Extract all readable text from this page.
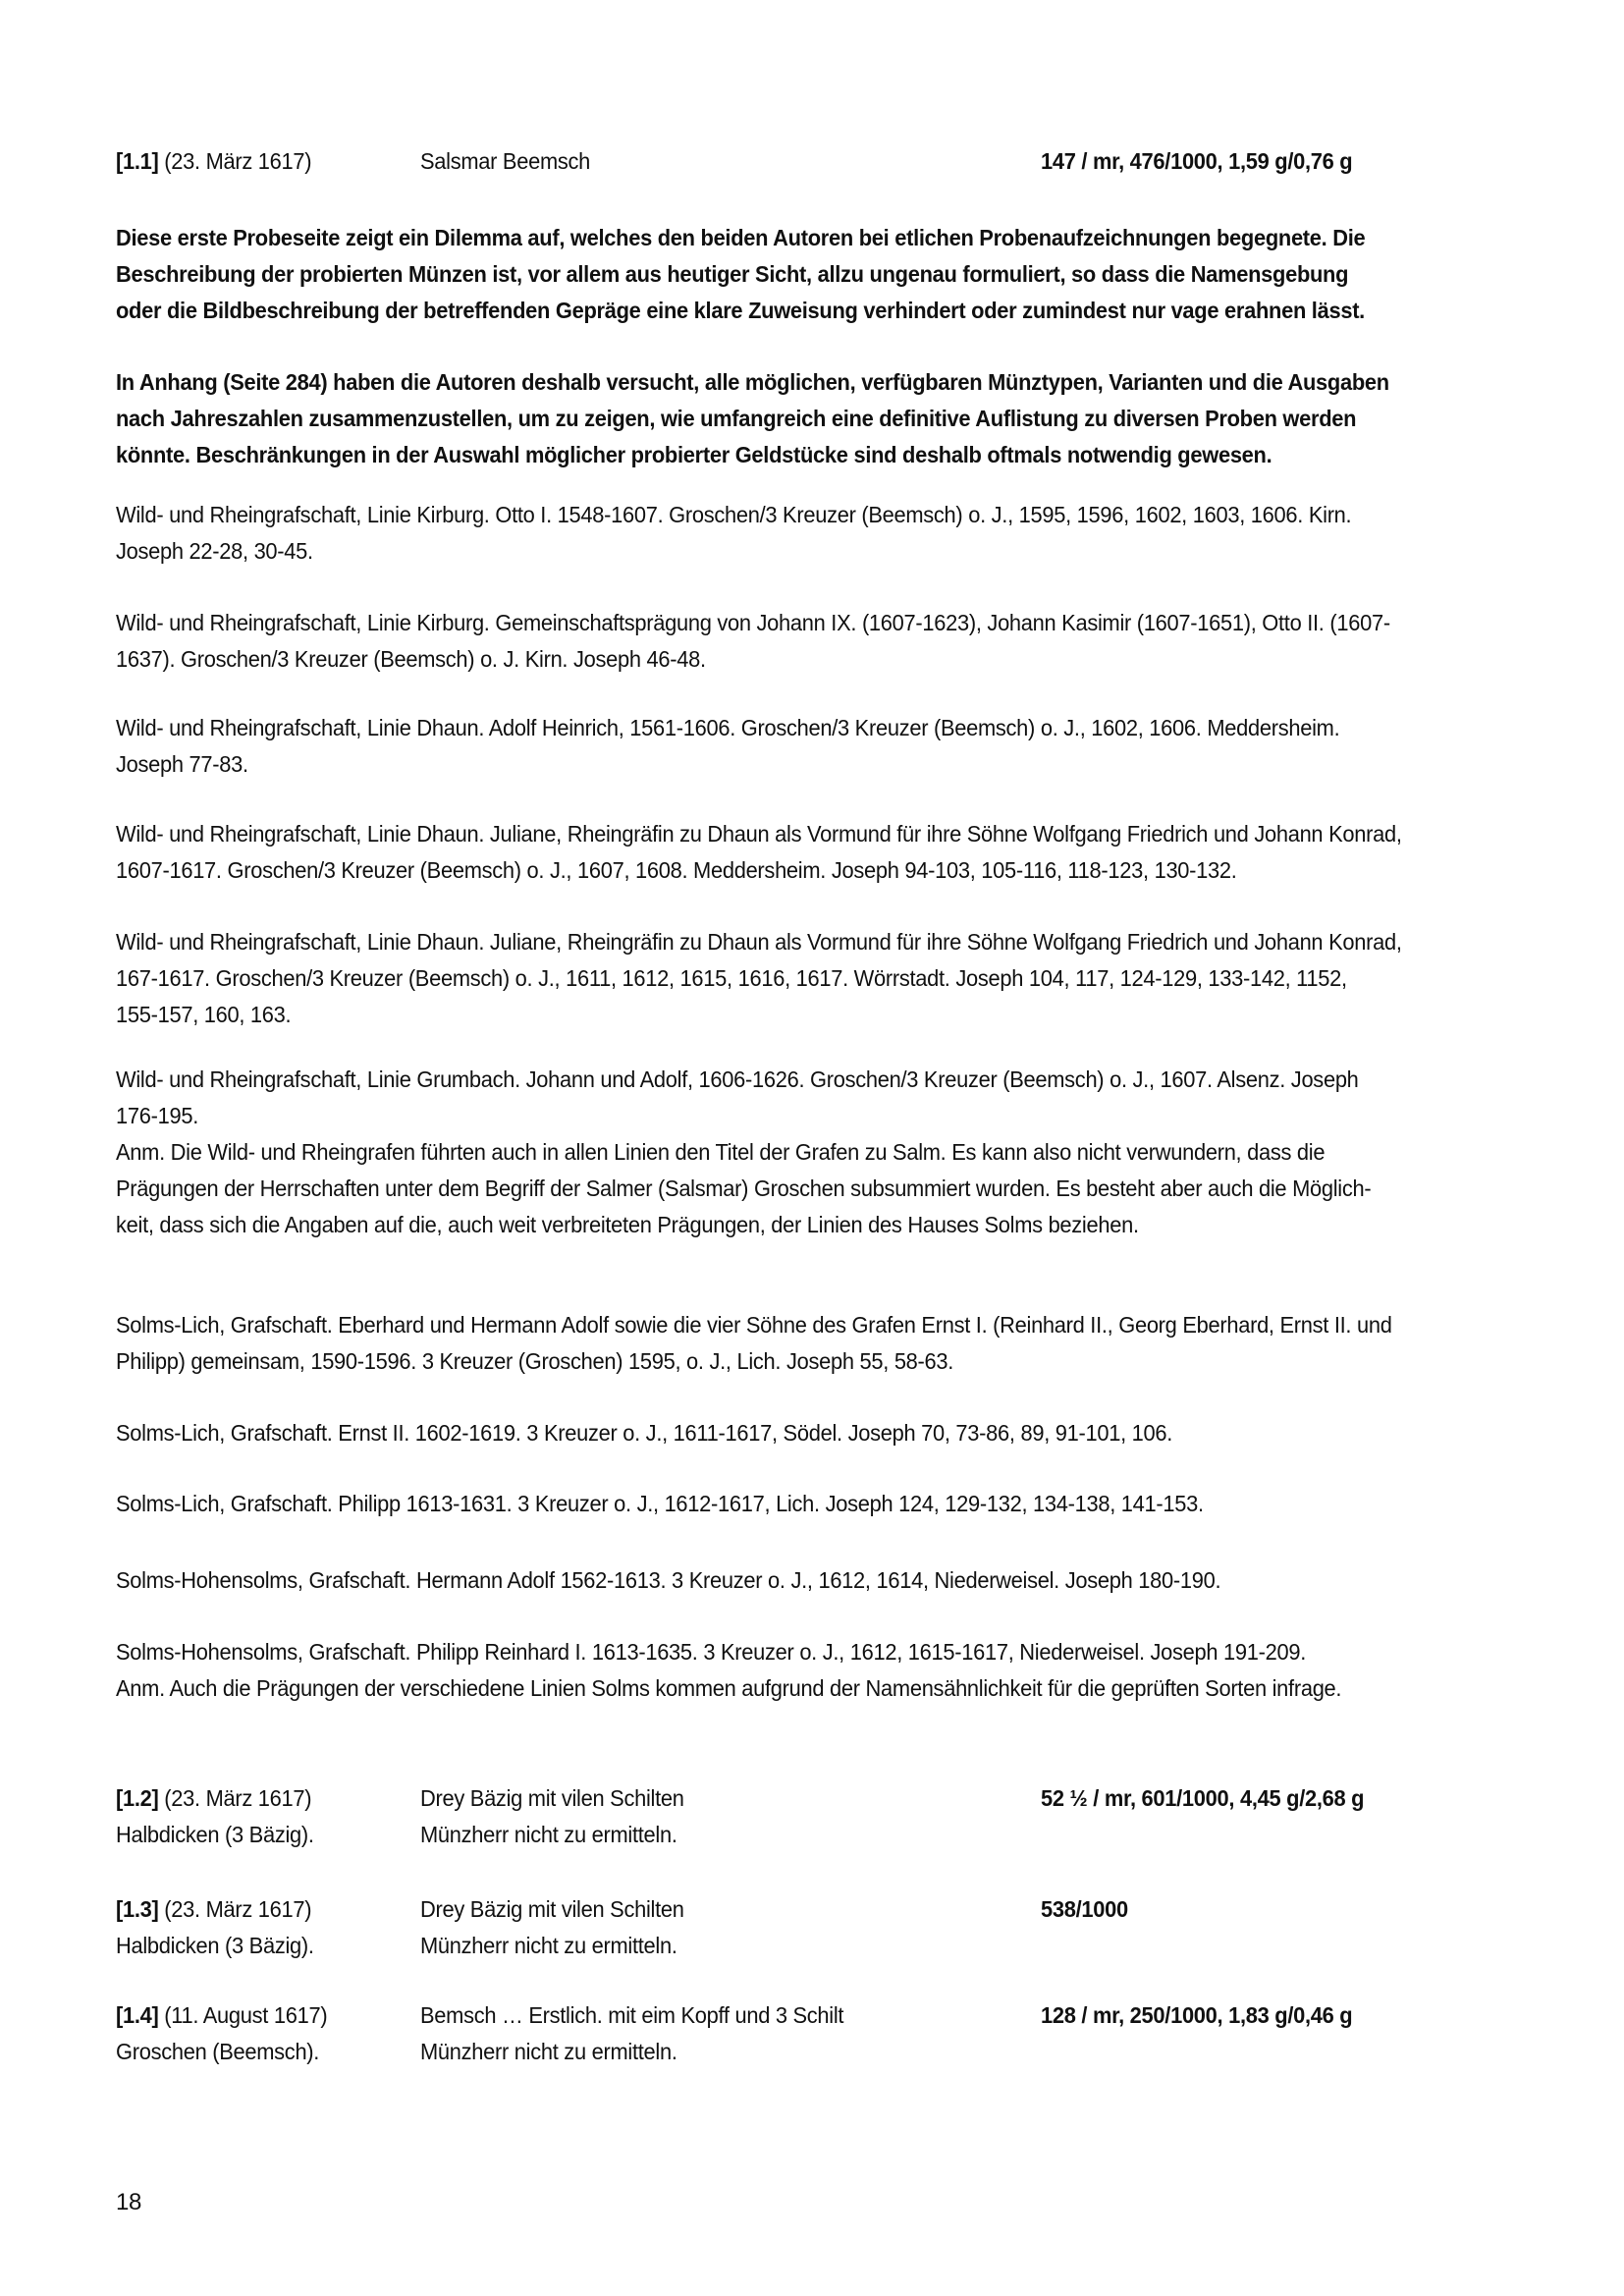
[1.1] (23. März 1617)	Salsmar Beemsch	147 / mr, 476/1000, 1,59 g/0,76 g
Diese erste Probeseite zeigt ein Dilemma auf, welches den beiden Autoren bei etlichen Probenaufzeichnungen begegnete. Die
Beschreibung der probierten Münzen ist, vor allem aus heutiger Sicht, allzu ungenau formuliert, so dass die Namensgebung
oder die Bildbeschreibung der betreffenden Gepräge eine klare Zuweisung verhindert oder zumindest nur vage erahnen lässt.
In Anhang (Seite 284) haben die Autoren deshalb versucht, alle möglichen, verfügbaren Münztypen, Varianten und die Ausgaben
nach Jahreszahlen zusammenzustellen, um zu zeigen, wie umfangreich eine definitive Auflistung zu diversen Proben werden
könnte. Beschränkungen in der Auswahl möglicher probierter Geldstücke sind deshalb oftmals notwendig gewesen.
Wild- und Rheingrafschaft, Linie Kirburg. Otto I. 1548-1607. Groschen/3 Kreuzer (Beemsch) o. J., 1595, 1596, 1602, 1603, 1606. Kirn.
Joseph 22-28, 30-45.
Wild- und Rheingrafschaft, Linie Kirburg. Gemeinschaftsprägung von Johann IX. (1607-1623), Johann Kasimir (1607-1651), Otto II. (1607-
1637). Groschen/3 Kreuzer (Beemsch) o. J. Kirn. Joseph 46-48.
Wild- und Rheingrafschaft, Linie Dhaun. Adolf Heinrich, 1561-1606. Groschen/3 Kreuzer (Beemsch) o. J., 1602, 1606. Meddersheim.
Joseph 77-83.
Wild- und Rheingrafschaft, Linie Dhaun. Juliane, Rheingräfin zu Dhaun als Vormund für ihre Söhne Wolfgang Friedrich und Johann Konrad,
1607-1617. Groschen/3 Kreuzer (Beemsch) o. J., 1607, 1608. Meddersheim. Joseph 94-103, 105-116, 118-123, 130-132.
Wild- und Rheingrafschaft, Linie Dhaun. Juliane, Rheingräfin zu Dhaun als Vormund für ihre Söhne Wolfgang Friedrich und Johann Konrad,
167-1617. Groschen/3 Kreuzer (Beemsch) o. J., 1611, 1612, 1615, 1616, 1617. Wörrstadt. Joseph 104, 117, 124-129, 133-142, 1152,
155-157, 160, 163.
Wild- und Rheingrafschaft, Linie Grumbach. Johann und Adolf, 1606-1626. Groschen/3 Kreuzer (Beemsch) o. J., 1607. Alsenz. Joseph
176-195.
Anm. Die Wild- und Rheingrafen führten auch in allen Linien den Titel der Grafen zu Salm. Es kann also nicht verwundern, dass die
Prägungen der Herrschaften unter dem Begriff der Salmer (Salsmar) Groschen subsummiert wurden. Es besteht aber auch die Möglich-
keit, dass sich die Angaben auf die, auch weit verbreiteten Prägungen, der Linien des Hauses Solms beziehen.
Solms-Lich, Grafschaft. Eberhard und Hermann Adolf sowie die vier Söhne des Grafen Ernst I. (Reinhard II., Georg Eberhard, Ernst II. und
Philipp) gemeinsam, 1590-1596. 3 Kreuzer (Groschen) 1595, o. J., Lich. Joseph 55, 58-63.
Solms-Lich, Grafschaft. Ernst II. 1602-1619. 3 Kreuzer o. J., 1611-1617, Södel. Joseph 70, 73-86, 89, 91-101, 106.
Solms-Lich, Grafschaft. Philipp 1613-1631. 3 Kreuzer o. J., 1612-1617, Lich. Joseph 124, 129-132, 134-138, 141-153.
Solms-Hohensolms, Grafschaft. Hermann Adolf 1562-1613. 3 Kreuzer o. J., 1612, 1614, Niederweisel. Joseph 180-190.
Solms-Hohensolms, Grafschaft. Philipp Reinhard I. 1613-1635. 3 Kreuzer o. J., 1612, 1615-1617, Niederweisel. Joseph 191-209.
Anm. Auch die Prägungen der verschiedene Linien Solms kommen aufgrund der Namensähnlichkeit für die geprüften Sorten infrage.
[1.2] (23. März 1617)
Halbdicken (3 Bäzig).
Drey Bäzig mit vilen Schilten
Münzherr nicht zu ermitteln.
52 ½ / mr, 601/1000, 4,45 g/2,68 g
[1.3] (23. März 1617)
Halbdicken (3 Bäzig).
Drey Bäzig mit vilen Schilten
Münzherr nicht zu ermitteln.
538/1000
[1.4] (11. August 1617)
Groschen (Beemsch).
Bemsch … Erstlich. mit eim Kopff und 3 Schilt
Münzherr nicht zu ermitteln.
128 / mr, 250/1000, 1,83 g/0,46 g
18
